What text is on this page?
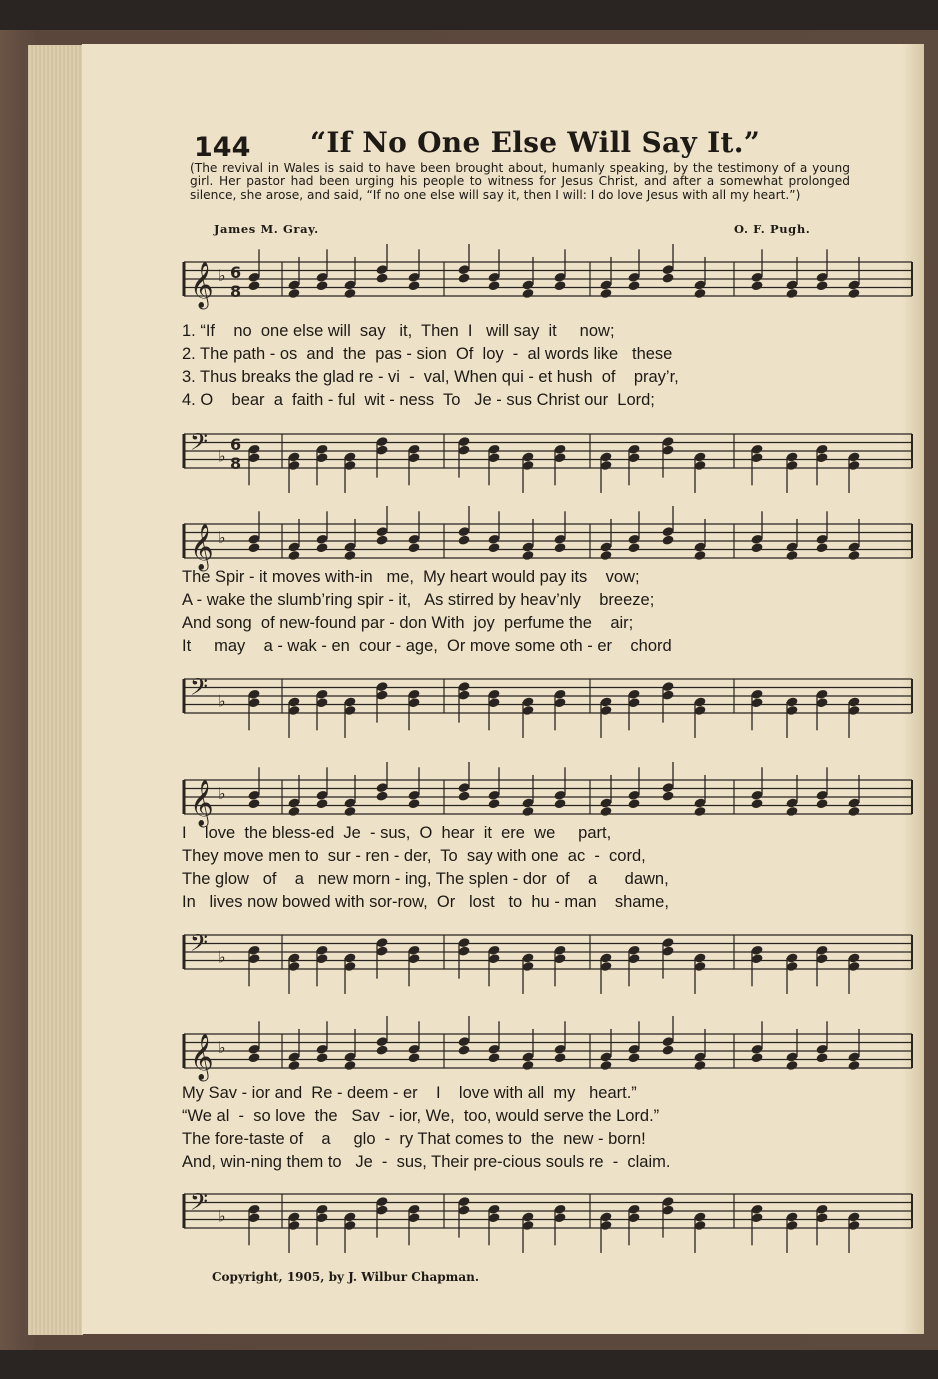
144 “If No One Else Will Say It.”
(The revival in Wales is said to have been brought about, humanly speaking, by the testimony of a young girl. Her pastor had been urging his people to witness for Jesus Christ, and after a somewhat prolonged silence, she arose, and said, “If no one else will say it, then I will: I do love Jesus with all my heart.”)
James M. Gray.	O. F. Pugh.
𝄞 ♭ 6
8
1. “If    no  one else will  say   it,  Then  I   will say  it     now;
2. The path - os  and  the  pas - sion  Of  loy  -  al words like   these
3. Thus breaks the glad re - vi  -  val, When qui - et hush  of    pray’r,
4. O    bear  a  faith - ful  wit - ness  To   Je - sus Christ our  Lord;
𝄢 ♭
6
8
𝄞 ♭
The Spir - it moves with-in   me,  My heart would pay its    vow;
A - wake the slumb’ring spir - it,   As stirred by heav’nly    breeze;
And song  of new-found par - don With  joy  perfume the    air;
It     may    a - wak - en  cour - age,  Or move some oth - er    chord
𝄢 ♭
𝄞 ♭
I    love  the bless-ed  Je  - sus,  O  hear  it  ere  we     part,
They move men to  sur - ren - der,  To  say with one  ac  -  cord,
The glow   of    a   new morn - ing, The splen - dor  of    a      dawn,
In   lives now bowed with sor-row,  Or   lost   to  hu - man    shame,
𝄢 ♭
𝄞 ♭
My Sav - ior and  Re - deem - er    I    love with all  my   heart.”
“We al  -  so love  the   Sav  - ior, We,  too, would serve the Lord.”
The fore-taste of    a     glo  -  ry That comes to  the  new - born!
And, win-ning them to   Je  -  sus, Their pre-cious souls re  -  claim.
𝄢 ♭
Copyright, 1905, by J. Wilbur Chapman.
